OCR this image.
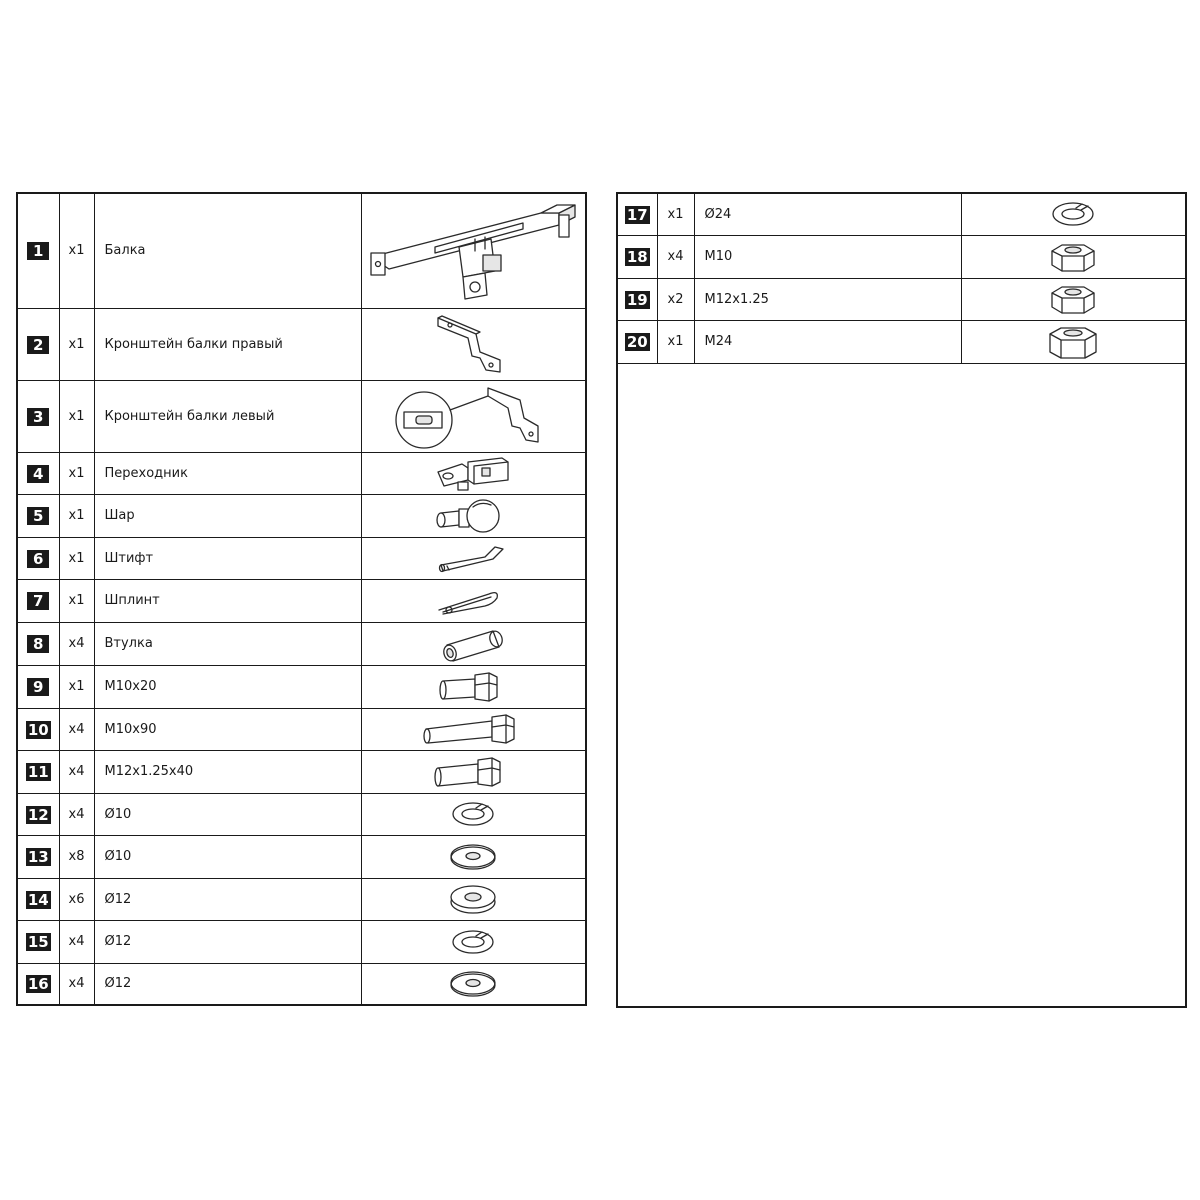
1	x1	Балка	

2	x1	Кронштейн балки правый	

3	x1	Кронштейн балки левый	

4	x1	Переходник	

5	x1	Шар	

6	x1	Штифт	

7	x1	Шплинт	

8	x4	Втулка	

9	x1	M10x20	

10	x4	M10x90	

11	x4	M12x1.25x40	

12	x4	Ø10	

13	x8	Ø10	

14	x6	Ø12	

15	x4	Ø12	

16	x4	Ø12	
17	x1	Ø24	

18	x4	M10	

19	x2	M12x1.25	

20	x1	M24	
